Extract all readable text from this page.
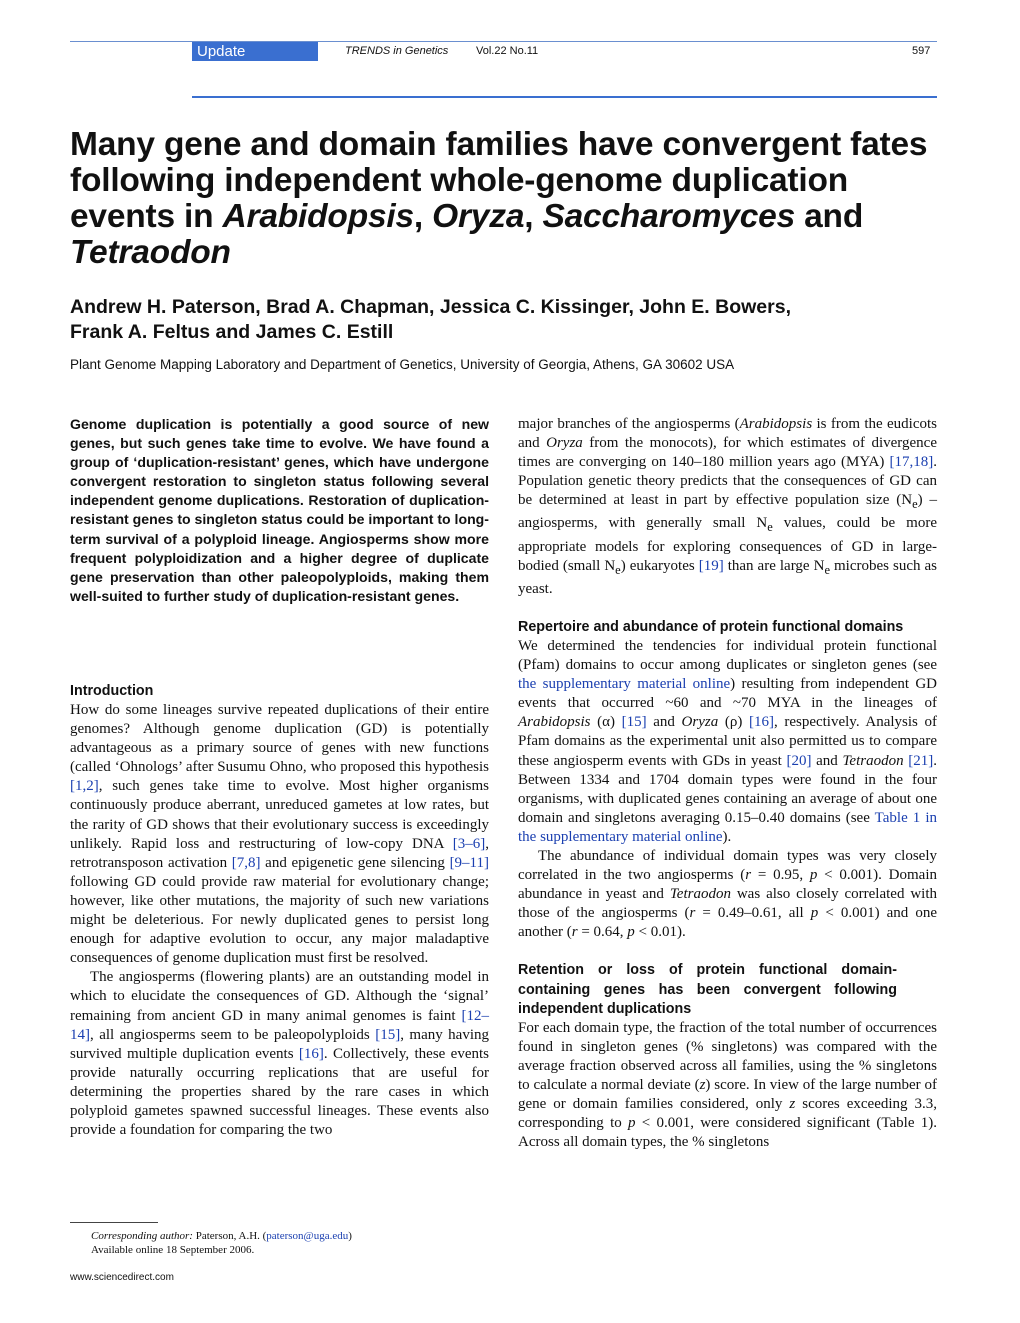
Update	TRENDS in Genetics	Vol.22 No.11	597
Many gene and domain families have convergent fates
following independent whole-genome duplication
events in Arabidopsis, Oryza, Saccharomyces and
Tetraodon
Andrew H. Paterson, Brad A. Chapman, Jessica C. Kissinger, John E. Bowers,
Frank A. Feltus and James C. Estill
Plant Genome Mapping Laboratory and Department of Genetics, University of Georgia, Athens, GA 30602 USA
Genome duplication is potentially a good source of new genes, but such genes take time to evolve. We have found a group of ‘duplication-resistant’ genes, which have undergone convergent restoration to singleton status following several independent genome duplications. Restoration of duplication-resistant genes to singleton status could be important to long-term survival of a polyploid lineage. Angiosperms show more frequent polyploidization and a higher degree of duplicate gene preservation than other paleopolyploids, making them well-suited to further study of duplication-resistant genes.
Introduction

How do some lineages survive repeated duplications of their entire genomes? Although genome duplication (GD) is potentially advantageous as a primary source of genes with new functions (called ‘Ohnologs’ after Susumu Ohno, who proposed this hypothesis [1,2], such genes take time to evolve. Most higher organisms continuously produce aberrant, unreduced gametes at low rates, but the rarity of GD shows that their evolutionary success is exceedingly unlikely. Rapid loss and restructuring of low-copy DNA [3–6], retrotransposon activation [7,8] and epigenetic gene silencing [9–11] following GD could provide raw material for evolutionary change; however, like other mutations, the majority of such new variations might be deleterious. For newly duplicated genes to persist long enough for adaptive evolution to occur, any major maladaptive consequences of genome duplication must first be resolved.

The angiosperms (flowering plants) are an outstanding model in which to elucidate the consequences of GD. Although the ‘signal’ remaining from ancient GD in many animal genomes is faint [12–14], all angiosperms seem to be paleopolyploids [15], many having survived multiple duplication events [16]. Collectively, these events provide naturally occurring replications that are useful for determining the properties shared by the rare cases in which polyploid gametes spawned successful lineages. These events also provide a foundation for comparing the two

major branches of the angiosperms (Arabidopsis is from the eudicots and Oryza from the monocots), for which estimates of divergence times are converging on 140–180 million years ago (MYA) [17,18]. Population genetic theory predicts that the consequences of GD can be determined at least in part by effective population size $(N_e)$ – angiosperms, with generally small $N_e$ values, could be more appropriate models for exploring consequences of GD in large-bodied (small $N_e$) eukaryotes [19] than are large $N_e$ microbes such as yeast.

Repertoire and abundance of protein functional domains

We determined the tendencies for individual protein functional (Pfam) domains to occur among duplicates or singleton genes (see the supplementary material online) resulting from independent GD events that occurred ~60 and ~70 MYA in the lineages of Arabidopsis (α) [15] and Oryza (ρ) [16], respectively. Analysis of Pfam domains as the experimental unit also permitted us to compare these angiosperm events with GDs in yeast [20] and Tetraodon [21]. Between 1334 and 1704 domain types were found in the four organisms, with duplicated genes containing an average of about one domain and singletons averaging 0.15–0.40 domains (see Table 1 in the supplementary material online).

The abundance of individual domain types was very closely correlated in the two angiosperms (r = 0.95, p < 0.001). Domain abundance in yeast and Tetraodon was also closely correlated with those of the angiosperms (r = 0.49–0.61, all p < 0.001) and one another (r = 0.64, p < 0.01).

Retention or loss of protein functional domain-containing genes has been convergent following independent duplications

For each domain type, the fraction of the total number of occurrences found in singleton genes (% singletons) was compared with the average fraction observed across all families, using the % singletons to calculate a normal deviate (z) score. In view of the large number of gene or domain families considered, only z scores exceeding 3.3, corresponding to p < 0.001, were considered significant (Table 1). Across all domain types, the % singletons

Corresponding author: Paterson, A.H. (paterson@uga.edu)
Available online 18 September 2006.
www.sciencedirect.com
